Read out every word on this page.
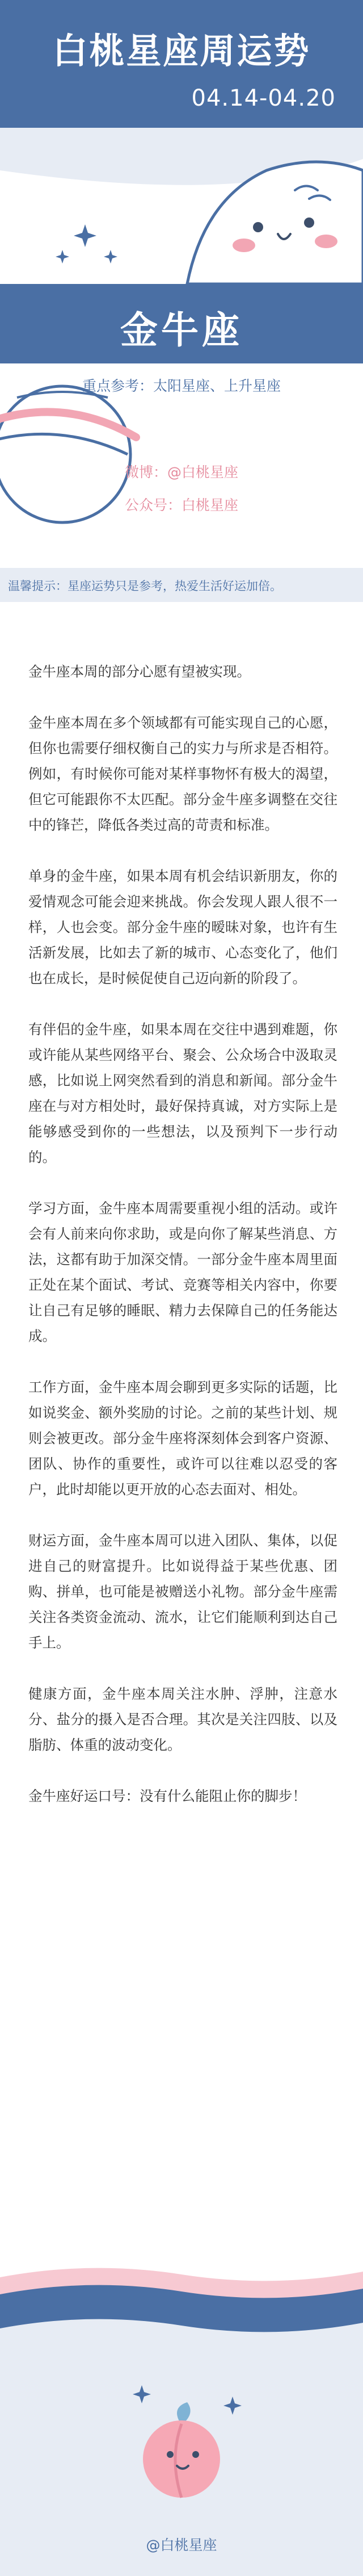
白桃星座周运势
04.14-04.20
金牛座
重点参考：太阳星座、上升星座
微博：@白桃星座
公众号：白桃星座
温馨提示：星座运势只是参考，热爱生活好运加倍。

金牛座本周的部分心愿有望被实现。

金牛座本周在多个领域都有可能实现自己的心愿，但你也需要仔细权衡自己的实力与所求是否相符。例如，有时候你可能对某样事物怀有极大的渴望，但它可能跟你不太匹配。部分金牛座多调整在交往中的锋芒，降低各类过高的苛责和标准。

单身的金牛座，如果本周有机会结识新朋友，你的爱情观念可能会迎来挑战。你会发现人跟人很不一样，人也会变。部分金牛座的暧昧对象，也许有生活新发展，比如去了新的城市、心态变化了，他们也在成长，是时候促使自己迈向新的阶段了。

有伴侣的金牛座，如果本周在交往中遇到难题，你或许能从某些网络平台、聚会、公众场合中汲取灵感，比如说上网突然看到的消息和新闻。部分金牛座在与对方相处时，最好保持真诚，对方实际上是能够感受到你的一些想法，以及预判下一步行动的。

学习方面，金牛座本周需要重视小组的活动。或许会有人前来向你求助，或是向你了解某些消息、方法，这都有助于加深交情。一部分金牛座本周里面正处在某个面试、考试、竞赛等相关内容中，你要让自己有足够的睡眠、精力去保障自己的任务能达成。

工作方面，金牛座本周会聊到更多实际的话题，比如说奖金、额外奖励的讨论。之前的某些计划、规则会被更改。部分金牛座将深刻体会到客户资源、团队、协作的重要性，或许可以往难以忍受的客户，此时却能以更开放的心态去面对、相处。

财运方面，金牛座本周可以进入团队、集体，以促进自己的财富提升。比如说得益于某些优惠、团购、拼单，也可能是被赠送小礼物。部分金牛座需关注各类资金流动、流水，让它们能顺利到达自己手上。

健康方面，金牛座本周关注水肿、浮肿，注意水分、盐分的摄入是否合理。其次是关注四肢、以及脂肪、体重的波动变化。

金牛座好运口号：没有什么能阻止你的脚步！

@白桃星座
